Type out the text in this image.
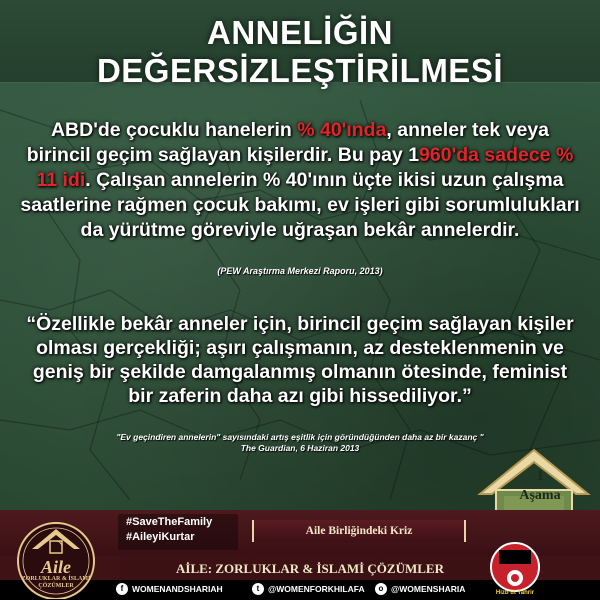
ANNELİĞİN DEĞERSİZLEŞTİRİLMESİ
ABD'de çocuklu hanelerin % 40'ında, anneler tek veya birincil geçim sağlayan kişilerdir. Bu pay 1960'da sadece % 11 idi. Çalışan annelerin % 40'ının üçte ikisi uzun çalışma saatlerine rağmen çocuk bakımı, ev işleri gibi sorumlulukları da yürütme göreviyle uğraşan bekâr annelerdir.
(PEW Araştırma Merkezi Raporu, 2013)
“Özellikle bekâr anneler için, birincil geçim sağlayan kişiler olması gerçekliği; aşırı çalışmanın, az desteklenmenin ve geniş bir şekilde damgalanmış olmanın ötesinde, feminist bir zaferin daha azı gibi hissediliyor.”
"Ev geçindiren annelerin" sayısındaki artış eşitlik için göründüğünden daha az bir kazanç "
The Guardian, 6 Haziran 2013
1
Aşama
#SaveTheFamily
#AileyiKurtar	Aile Birliğindeki Kriz
AİLE: ZORLUKLAR & İSLAMİ ÇÖZÜMLER
Aile
ZORLUKLAR & İSLAMİ ÇÖZÜMLER
Hizb ut Tahrir
f	WOMENANDSHARIAH	t	@WOMENFORKHILAFA	o @WOMENSHARIA
